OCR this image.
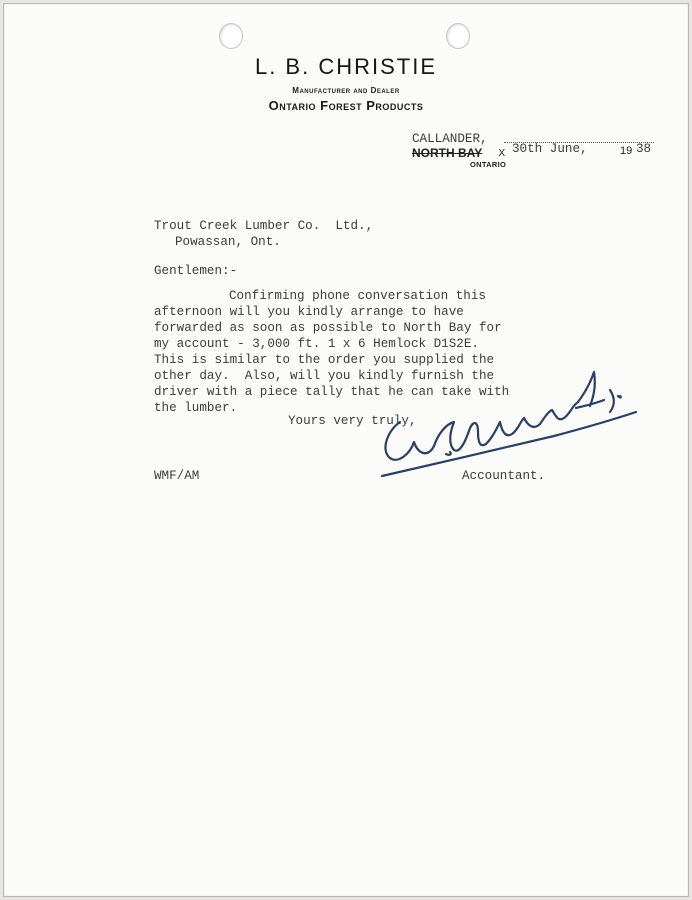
L. B. CHRISTIE
Manufacturer and Dealer
Ontario Forest Products
CALLANDER,
NORTH BAY x 30th June,	19 38
ONTARIO
Trout Creek Lumber Co.  Ltd.,
Powassan, Ont.
Gentlemen:-
Confirming phone conversation this
afternoon will you kindly arrange to have
forwarded as soon as possible to North Bay for
my account - 3,000 ft. 1 x 6 Hemlock D1S2E.
This is similar to the order you supplied the
other day.  Also, will you kindly furnish the
driver with a piece tally that he can take with
the lumber.
Yours very truly,
WMF/AM	Accountant.
